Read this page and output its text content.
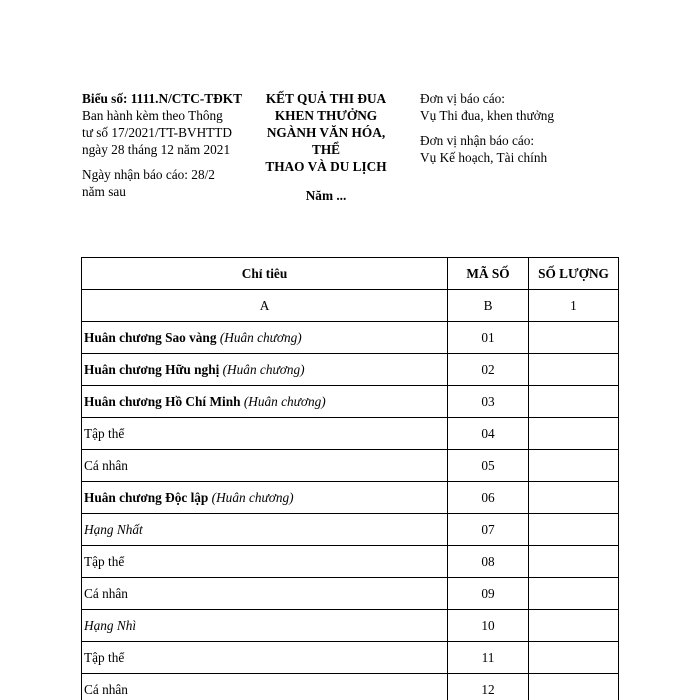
Biểu số: 1111.N/CTC-TĐKT
Ban hành kèm theo Thông
tư số 17/2021/TT-BVHTTD
ngày 28 tháng 12 năm 2021
Ngày nhận báo cáo: 28/2
năm sau
KẾT QUẢ THI ĐUA
KHEN THƯỞNG
NGÀNH VĂN HÓA, THỂ
THAO VÀ DU LỊCH
Năm ...
Đơn vị báo cáo:
Vụ Thi đua, khen thưởng
Đơn vị nhận báo cáo:
Vụ Kế hoạch, Tài chính
Chỉ tiêu	MÃ SỐ	SỐ LƯỢNG
A	B	1
Huân chương Sao vàng (Huân chương)	01	
Huân chương Hữu nghị (Huân chương)	02	
Huân chương Hồ Chí Minh (Huân chương)	03	
Tập thể	04	
Cá nhân	05	
Huân chương Độc lập (Huân chương)	06	
Hạng Nhất	07	
Tập thể	08	
Cá nhân	09	
Hạng Nhì	10	
Tập thể	11	
Cá nhân	12	
